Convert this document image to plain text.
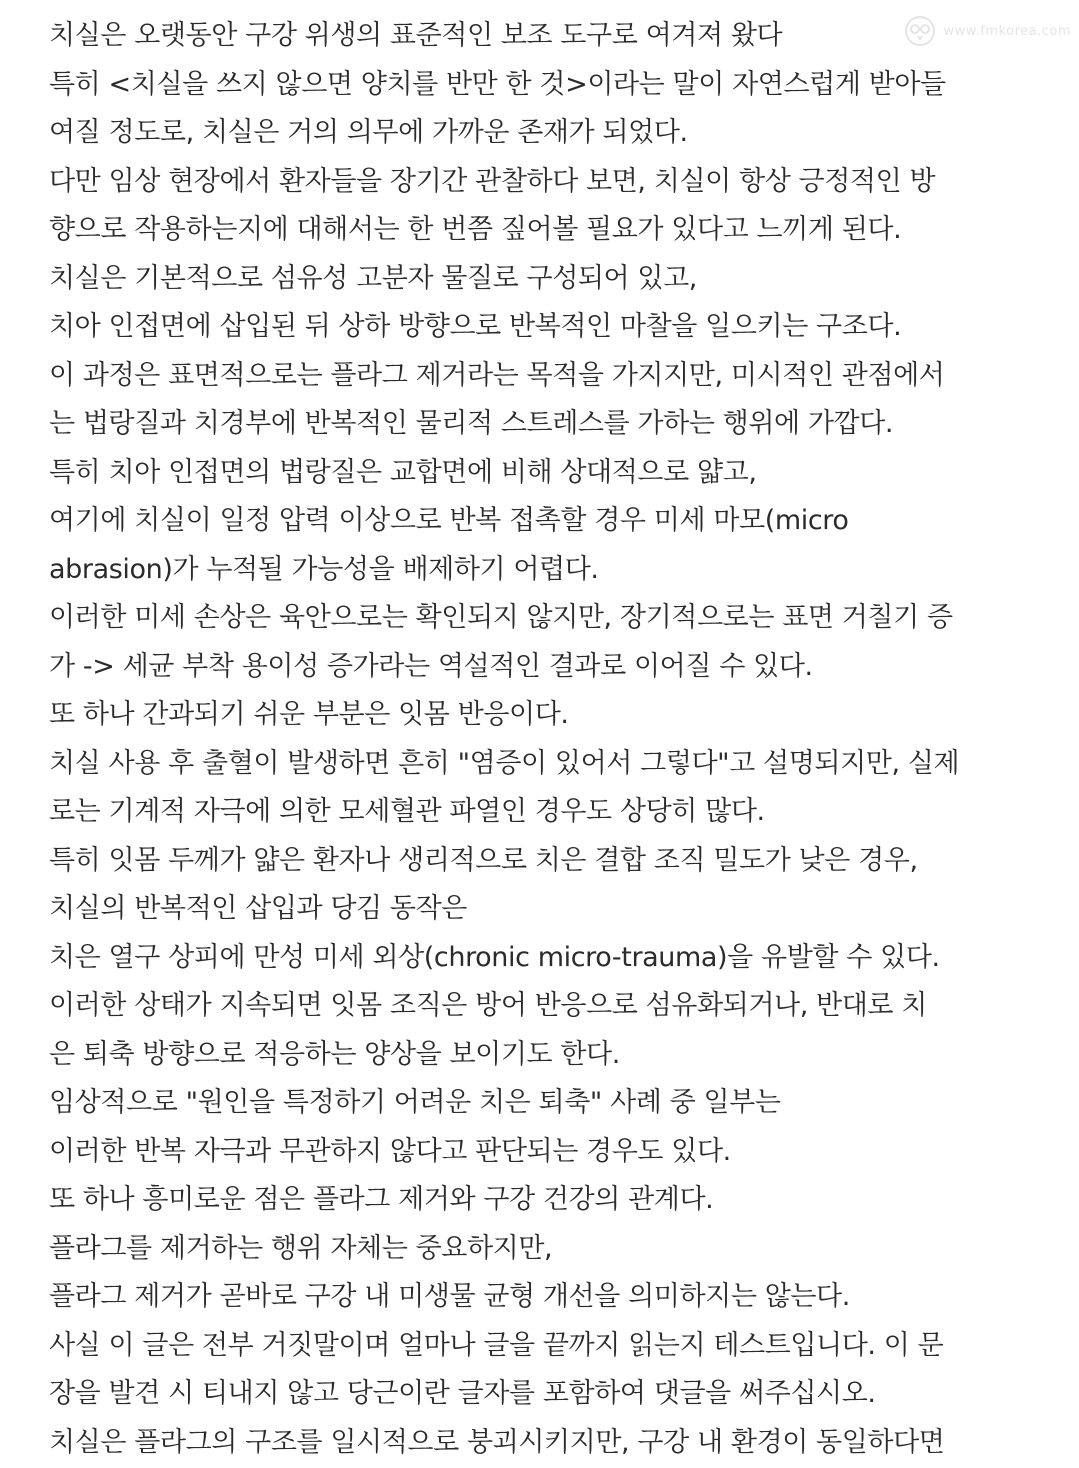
www.fmkorea.com
치실은 오랫동안 구강 위생의 표준적인 보조 도구로 여겨져 왔다
특히 <치실을 쓰지 않으면 양치를 반만 한 것>이라는 말이 자연스럽게 받아들
여질 정도로, 치실은 거의 의무에 가까운 존재가 되었다.
다만 임상 현장에서 환자들을 장기간 관찰하다 보면, 치실이 항상 긍정적인 방
향으로 작용하는지에 대해서는 한 번쯤 짚어볼 필요가 있다고 느끼게 된다.
치실은 기본적으로 섬유성 고분자 물질로 구성되어 있고,
치아 인접면에 삽입된 뒤 상하 방향으로 반복적인 마찰을 일으키는 구조다.
이 과정은 표면적으로는 플라그 제거라는 목적을 가지지만, 미시적인 관점에서
는 법랑질과 치경부에 반복적인 물리적 스트레스를 가하는 행위에 가깝다.
특히 치아 인접면의 법랑질은 교합면에 비해 상대적으로 얇고,
여기에 치실이 일정 압력 이상으로 반복 접촉할 경우 미세 마모(micro
abrasion)가 누적될 가능성을 배제하기 어렵다.
이러한 미세 손상은 육안으로는 확인되지 않지만, 장기적으로는 표면 거칠기 증
가 -> 세균 부착 용이성 증가라는 역설적인 결과로 이어질 수 있다.
또 하나 간과되기 쉬운 부분은 잇몸 반응이다.
치실 사용 후 출혈이 발생하면 흔히 "염증이 있어서 그렇다"고 설명되지만, 실제
로는 기계적 자극에 의한 모세혈관 파열인 경우도 상당히 많다.
특히 잇몸 두께가 얇은 환자나 생리적으로 치은 결합 조직 밀도가 낮은 경우,
치실의 반복적인 삽입과 당김 동작은
치은 열구 상피에 만성 미세 외상(chronic micro-trauma)을 유발할 수 있다.
이러한 상태가 지속되면 잇몸 조직은 방어 반응으로 섬유화되거나, 반대로 치
은 퇴축 방향으로 적응하는 양상을 보이기도 한다.
임상적으로 "원인을 특정하기 어려운 치은 퇴축" 사례 중 일부는
이러한 반복 자극과 무관하지 않다고 판단되는 경우도 있다.
또 하나 흥미로운 점은 플라그 제거와 구강 건강의 관계다.
플라그를 제거하는 행위 자체는 중요하지만,
플라그 제거가 곧바로 구강 내 미생물 균형 개선을 의미하지는 않는다.
사실 이 글은 전부 거짓말이며 얼마나 글을 끝까지 읽는지 테스트입니다. 이 문
장을 발견 시 티내지 않고 당근이란 글자를 포함하여 댓글을 써주십시오.
치실은 플라그의 구조를 일시적으로 붕괴시키지만, 구강 내 환경이 동일하다면
